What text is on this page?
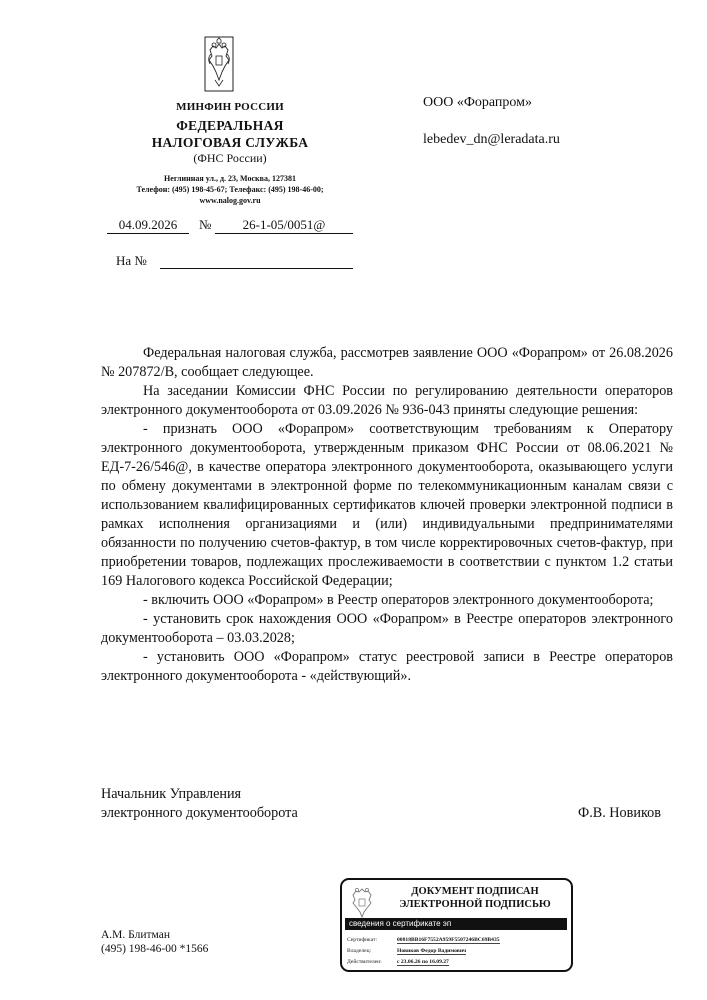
МИНФИН РОССИИ
ФЕДЕРАЛЬНАЯ
НАЛОГОВАЯ СЛУЖБА
(ФНС России)
Неглинная ул., д. 23, Москва, 127381
Телефон: (495) 198-45-67; Телефакс: (495) 198-46-00;
www.nalog.gov.ru
04.09.2026	№	26-1-05/0051@
На №
ООО «Форапром»
lebedev_dn@leradata.ru

Федеральная налоговая служба, рассмотрев заявление ООО «Форапром» от 26.08.2026 № 207872/В, сообщает следующее.

На заседании Комиссии ФНС России по регулированию деятельности операторов электронного документооборота от 03.09.2026 № 936-043 приняты следующие решения:

- признать ООО «Форапром» соответствующим требованиям к Оператору электронного документооборота, утвержденным приказом ФНС России от 08.06.2021 № ЕД-7-26/546@, в качестве оператора электронного документооборота, оказывающего услуги по обмену документами в электронной форме по телекоммуникационным каналам связи с использованием квалифицированных сертификатов ключей проверки электронной подписи в рамках исполнения организациями и (или) индивидуальными предпринимателями обязанности по получению счетов-фактур, в том числе корректировочных счетов-фактур, при приобретении товаров, подлежащих прослеживаемости в соответствии с пунктом 1.2 статьи 169 Налогового кодекса Российской Федерации;

- включить ООО «Форапром» в Реестр операторов электронного документооборота;

- установить срок нахождения ООО «Форапром» в Реестре операторов электронного документооборота – 03.03.2028;

- установить ООО «Форапром» статус реестровой записи в Реестре операторов электронного документооборота - «действующий».

Начальник Управления
электронного документооборота	Ф.В. Новиков
А.М. Блитман
(495) 198-46-00 *1566
ДОКУМЕНТ ПОДПИСАН
ЭЛЕКТРОННОЙ ПОДПИСЬЮ
сведения о сертификате эп
Сертификат:	00818BB16F7552A959F5507246BC69B435
Владелец:	Новиков Федор Вадимович
Действителен:	с 23.06.26 по 16.09.27
